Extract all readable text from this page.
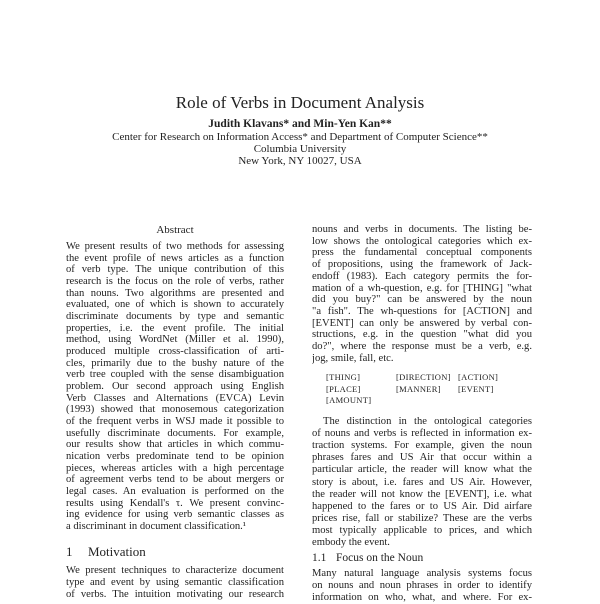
Role of Verbs in Document Analysis
Judith Klavans* and Min-Yen Kan**
Center for Research on Information Access* and Department of Computer Science**
Columbia University
New York, NY 10027, USA
Abstract
We present results of two methods for assessing
the event profile of news articles as a function
of verb type. The unique contribution of this
research is the focus on the role of verbs, rather
than nouns. Two algorithms are presented and
evaluated, one of which is shown to accurately
discriminate documents by type and semantic
properties, i.e. the event profile. The initial
method, using WordNet (Miller et al. 1990),
produced multiple cross-classification of arti-
cles, primarily due to the bushy nature of the
verb tree coupled with the sense disambiguation
problem. Our second approach using English
Verb Classes and Alternations (EVCA) Levin
(1993) showed that monosemous categorization
of the frequent verbs in WSJ made it possible to
usefully discriminate documents. For example,
our results show that articles in which commu-
nication verbs predominate tend to be opinion
pieces, whereas articles with a high percentage
of agreement verbs tend to be about mergers or
legal cases. An evaluation is performed on the
results using Kendall's τ. We present convinc-
ing evidence for using verb semantic classes as
a discriminant in document classification.¹
1 Motivation
We present techniques to characterize document
type and event by using semantic classification
of verbs. The intuition motivating our research
nouns and verbs in documents. The listing be-
low shows the ontological categories which ex-
press the fundamental conceptual components
of propositions, using the framework of Jack-
endoff (1983). Each category permits the for-
mation of a wh-question, e.g. for [THING] "what
did you buy?" can be answered by the noun
"a fish". The wh-questions for [ACTION] and
[EVENT] can only be answered by verbal con-
structions, e.g. in the question "what did you
do?", where the response must be a verb, e.g.
jog, smile, fall, etc.
[THING]	[DIRECTION] [ACTION]
[PLACE]	[MANNER] [EVENT]
[AMOUNT]
The distinction in the ontological categories
of nouns and verbs is reflected in information ex-
traction systems. For example, given the noun
phrases fares and US Air that occur within a
particular article, the reader will know what the
story is about, i.e. fares and US Air. However,
the reader will not know the [EVENT], i.e. what
happened to the fares or to US Air. Did airfare
prices rise, fall or stabilize? These are the verbs
most typically applicable to prices, and which
embody the event.
1.1 Focus on the Noun
Many natural language analysis systems focus
on nouns and noun phrases in order to identify
information on who, what, and where. For ex-
